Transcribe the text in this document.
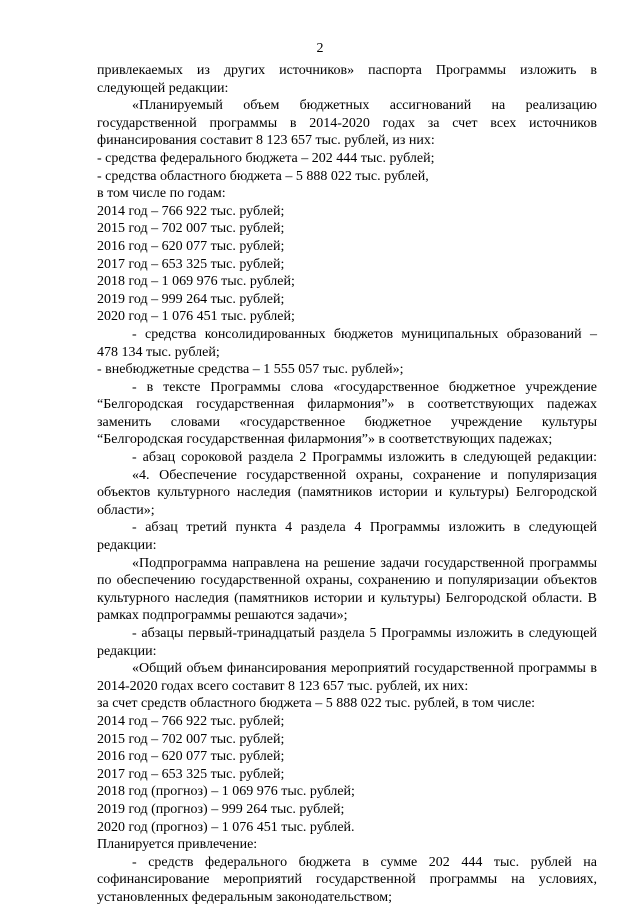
2

привлекаемых из других источников» паспорта Программы изложить в

следующей редакции:

«Планируемый объем бюджетных ассигнований на реализацию

государственной программы в 2014-2020 годах за счет всех источников

финансирования составит 8 123 657 тыс. рублей, из них:

- средства федерального бюджета – 202 444 тыс. рублей;

- средства областного бюджета – 5 888 022 тыс. рублей,

в том числе по годам:

2014 год – 766 922 тыс. рублей;

2015 год – 702 007 тыс. рублей;

2016 год – 620 077 тыс. рублей;

2017 год – 653 325 тыс. рублей;

2018 год – 1 069 976 тыс. рублей;

2019 год – 999 264 тыс. рублей;

2020 год – 1 076 451 тыс. рублей;

- средства консолидированных бюджетов муниципальных образований –

478 134 тыс. рублей;

- внебюджетные средства – 1 555 057 тыс. рублей»;

- в тексте Программы слова «государственное бюджетное учреждение

“Белгородская государственная филармония”» в соответствующих падежах

заменить словами «государственное бюджетное учреждение культуры

“Белгородская государственная филармония”» в соответствующих падежах;

- абзац сороковой раздела 2 Программы изложить в следующей редакции:

«4. Обеспечение государственной охраны, сохранение и популяризация

объектов культурного наследия (памятников истории и культуры) Белгородской

области»;

- абзац третий пункта 4 раздела 4 Программы изложить в следующей

редакции:

«Подпрограмма направлена на решение задачи государственной программы

по обеспечению государственной охраны, сохранению и популяризации объектов

культурного наследия (памятников истории и культуры) Белгородской области. В

рамках подпрограммы решаются задачи»;

- абзацы первый-тринадцатый раздела 5 Программы изложить в следующей

редакции:

«Общий объем финансирования мероприятий государственной программы в

2014-2020 годах всего составит 8 123 657 тыс. рублей, их них:

за счет средств областного бюджета – 5 888 022 тыс. рублей, в том числе:

2014 год – 766 922 тыс. рублей;

2015 год – 702 007 тыс. рублей;

2016 год – 620 077 тыс. рублей;

2017 год – 653 325 тыс. рублей;

2018 год (прогноз) – 1 069 976 тыс. рублей;

2019 год (прогноз) – 999 264 тыс. рублей;

2020 год (прогноз) – 1 076 451 тыс. рублей.

Планируется привлечение:

- средств федерального бюджета в сумме 202 444 тыс. рублей на

софинансирование мероприятий государственной программы на условиях,

установленных федеральным законодательством;
